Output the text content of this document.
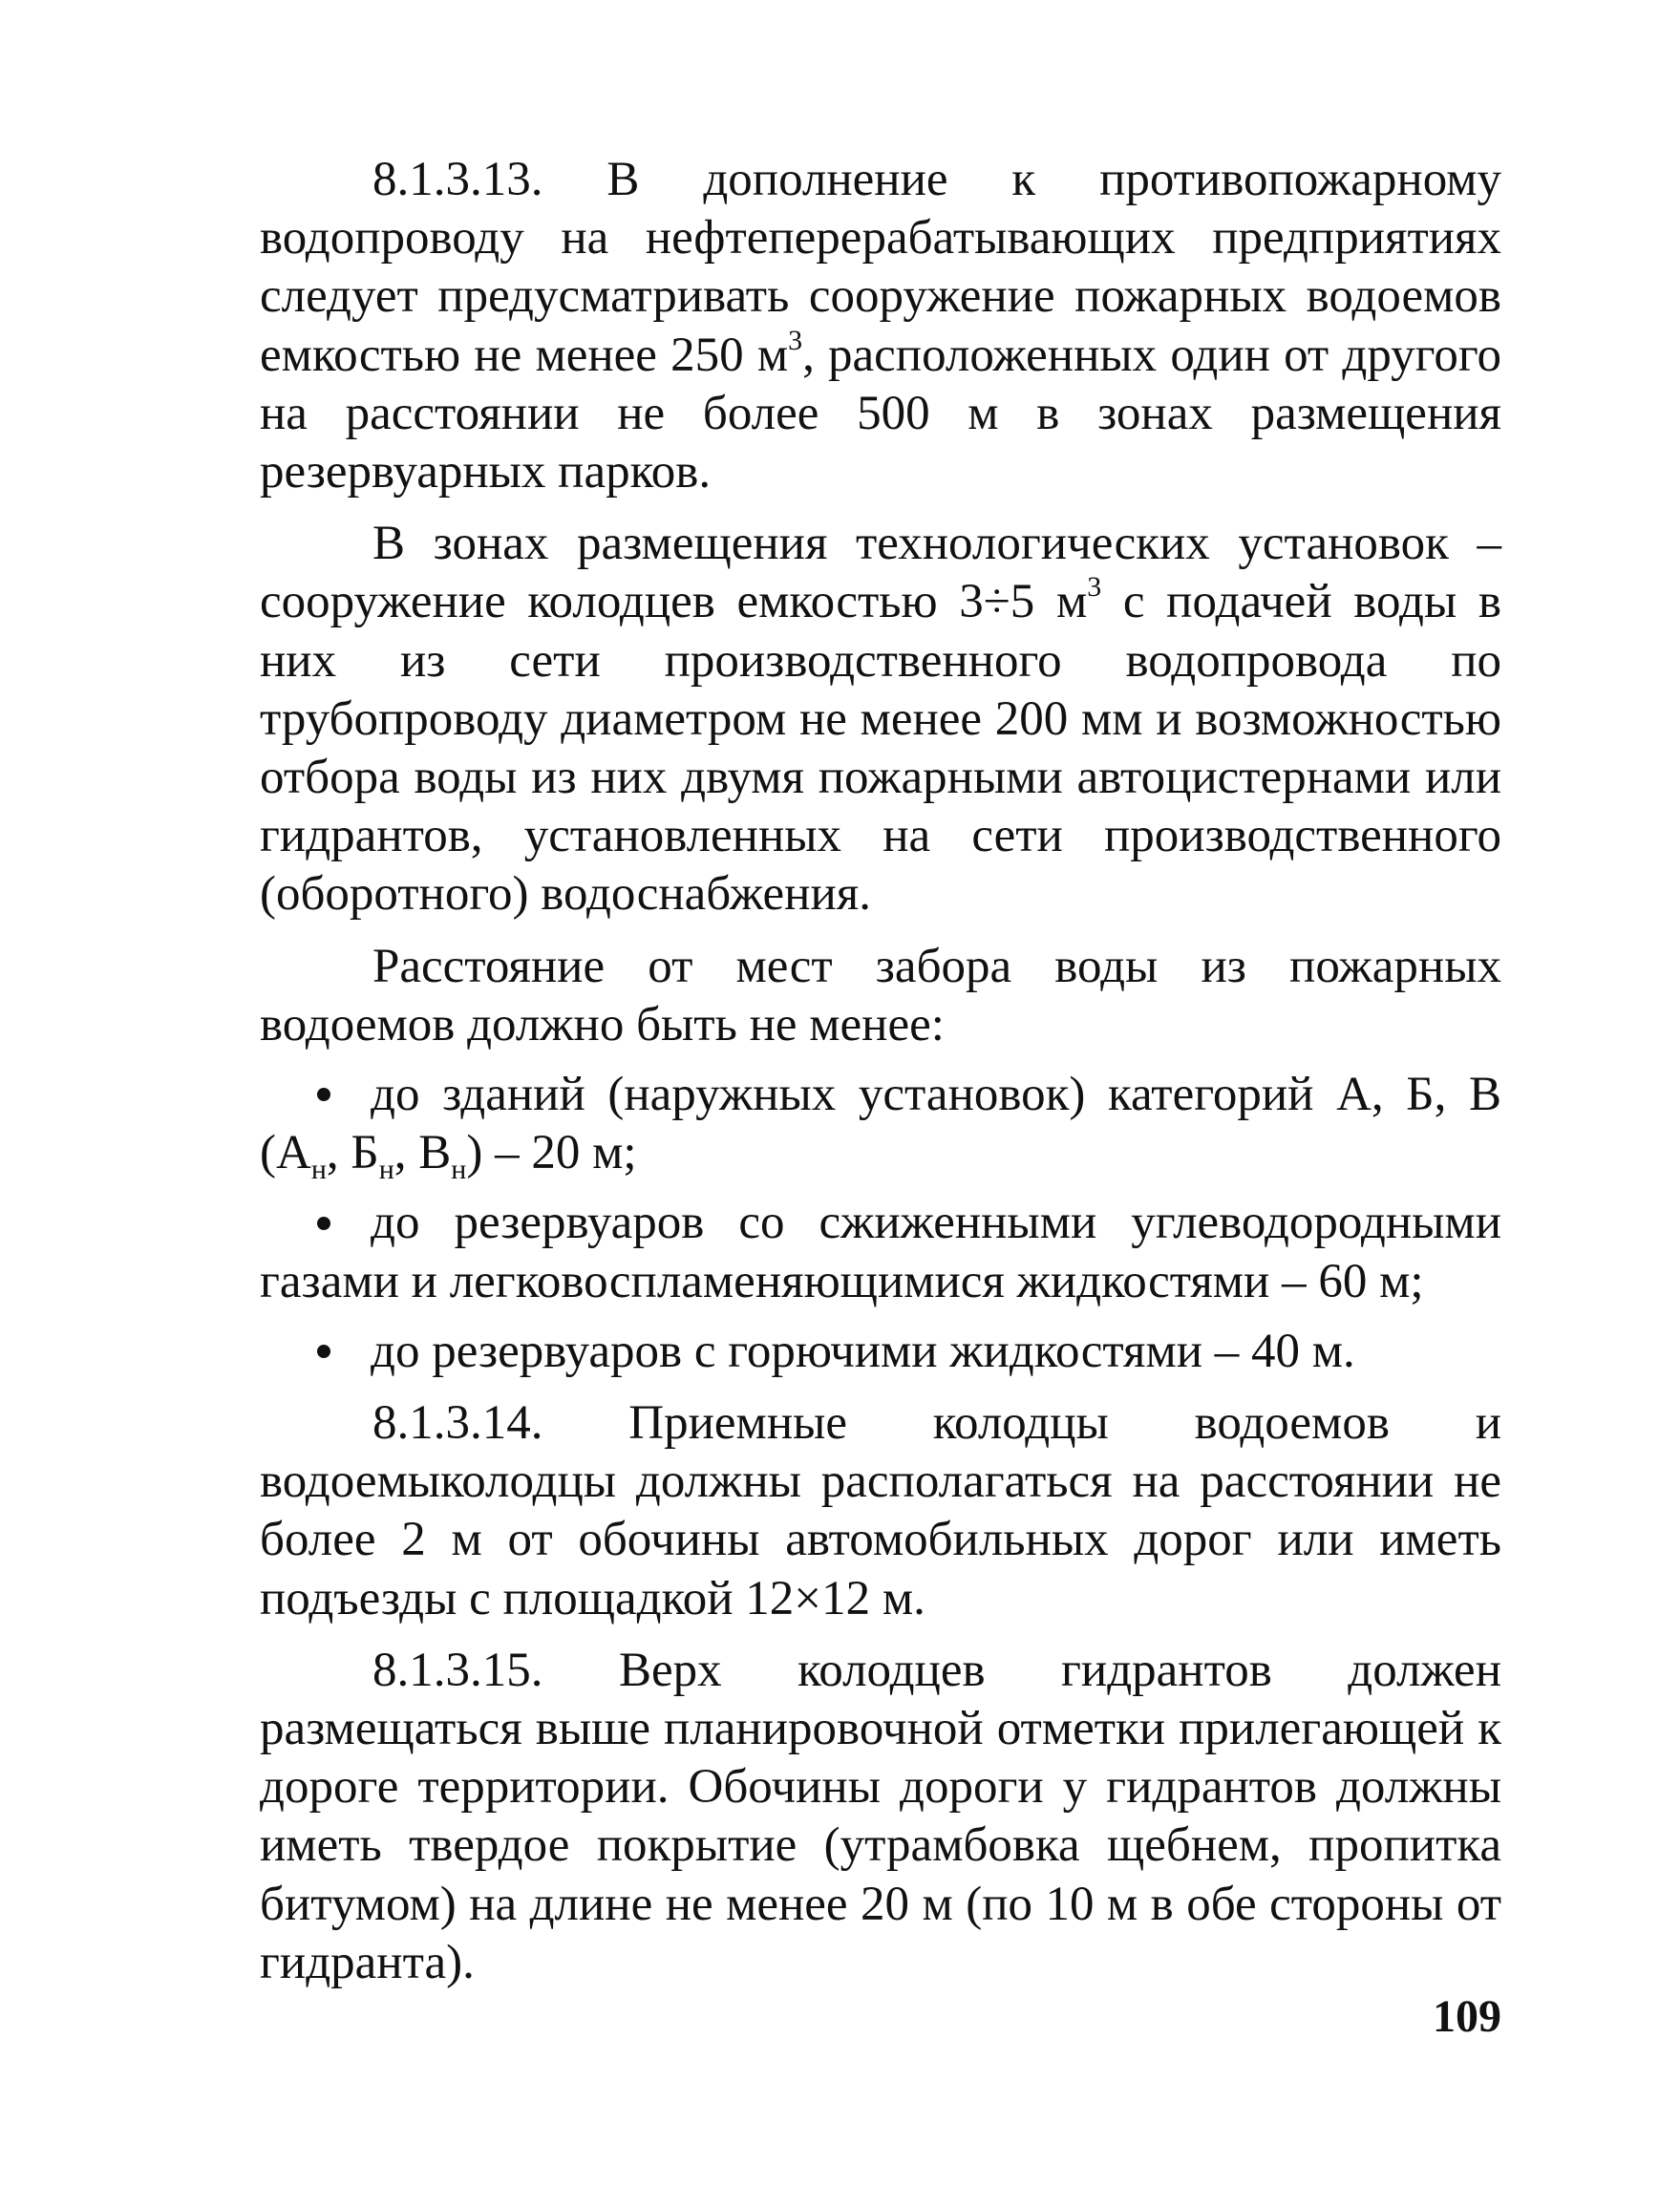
8.1.3.13. В дополнение к противопожарному водопроводу на нефтеперерабатывающих предприятиях следует предусматривать сооружение пожарных водоемов емкостью не менее 250 $м^3$, расположенных один от другого на расстоянии не более 500 м в зонах размещения резервуарных парков.

В зонах размещения технологических установок – сооружение колодцев емкостью 3÷5 $м^3$ с подачей воды в них из сети производственного водопровода по трубопроводу диаметром не менее 200 мм и возможностью отбора воды из них двумя пожарными автоцистернами или гидрантов, установленных на сети производственного (оборотного) водоснабжения.

Расстояние от мест забора воды из пожарных водоемов должно быть не менее:

до зданий (наружных установок) категорий А, Б, В ($А_н$, $Б_н$, $В_н) - 20$ м;

до резервуаров со сжиженными углеводородными газами и легковоспламеняющимися жидкостями – 60 м;

до резервуаров с горючими жидкостями – 40 м.

8.1.3.14. Приемные колодцы водоемов и водоемыколодцы должны располагаться на расстоянии не более 2 м от обочины автомобильных дорог или иметь подъезды с площадкой 12×12 м.

8.1.3.15. Верх колодцев гидрантов должен размещаться выше планировочной отметки прилегающей к дороге территории. Обочины дороги у гидрантов должны иметь твердое покрытие (утрамбовка щебнем, пропитка битумом) на длине не менее 20 м (по 10 м в обе стороны от гидранта).

109
